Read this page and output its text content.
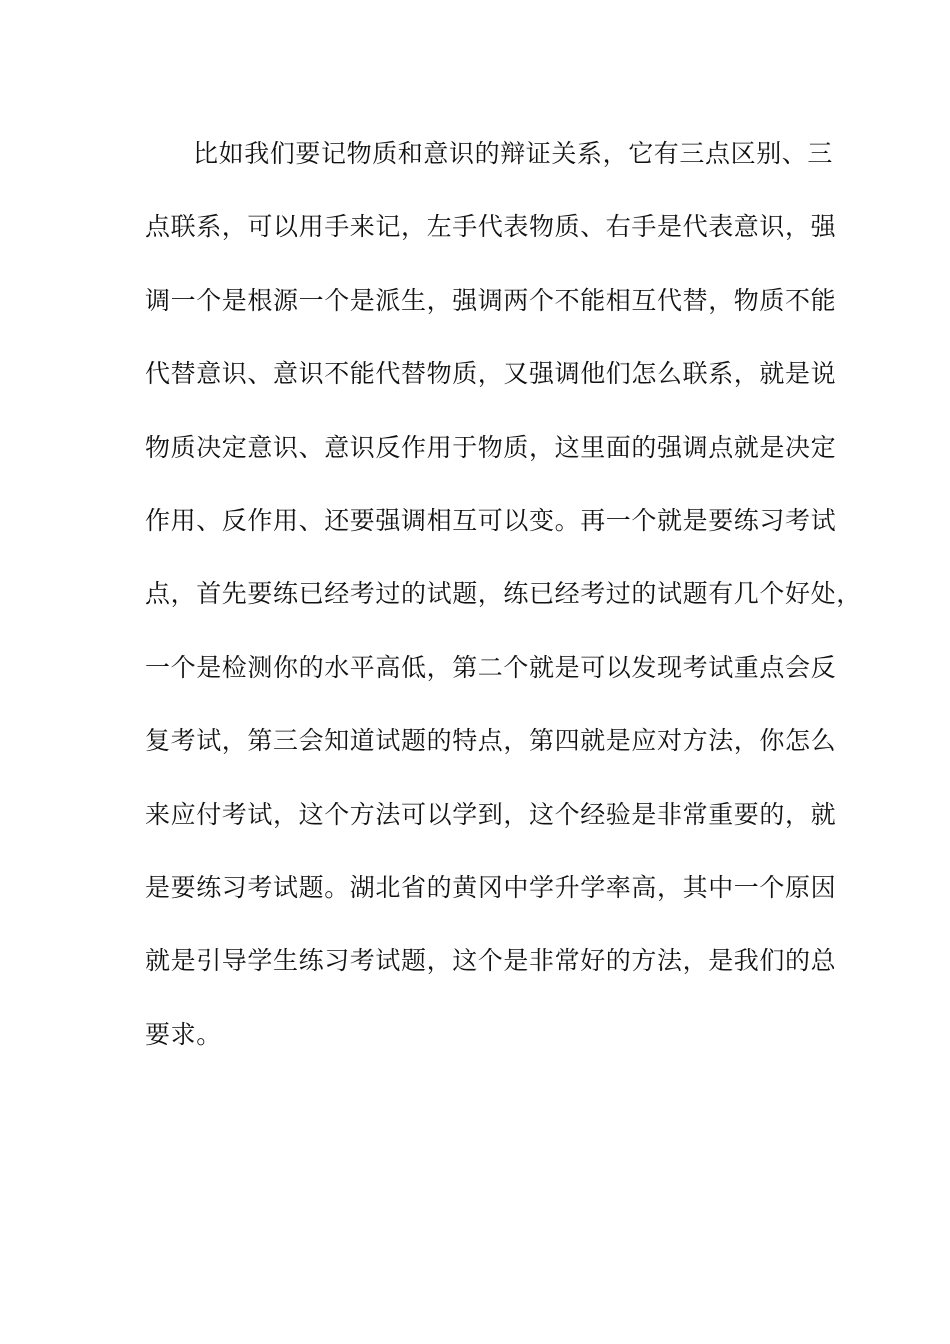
比如我们要记物质和意识的辩证关系，它有三点区别、三
点联系，可以用手来记，左手代表物质、右手是代表意识，强
调一个是根源一个是派生，强调两个不能相互代替，物质不能
代替意识、意识不能代替物质，又强调他们怎么联系，就是说
物质决定意识、意识反作用于物质，这里面的强调点就是决定
作用、反作用、还要强调相互可以变。再一个就是要练习考试
点，首先要练已经考过的试题，练已经考过的试题有几个好处，
一个是检测你的水平高低，第二个就是可以发现考试重点会反
复考试，第三会知道试题的特点，第四就是应对方法，你怎么
来应付考试，这个方法可以学到，这个经验是非常重要的，就
是要练习考试题。湖北省的黄冈中学升学率高，其中一个原因
就是引导学生练习考试题，这个是非常好的方法，是我们的总
要求。
